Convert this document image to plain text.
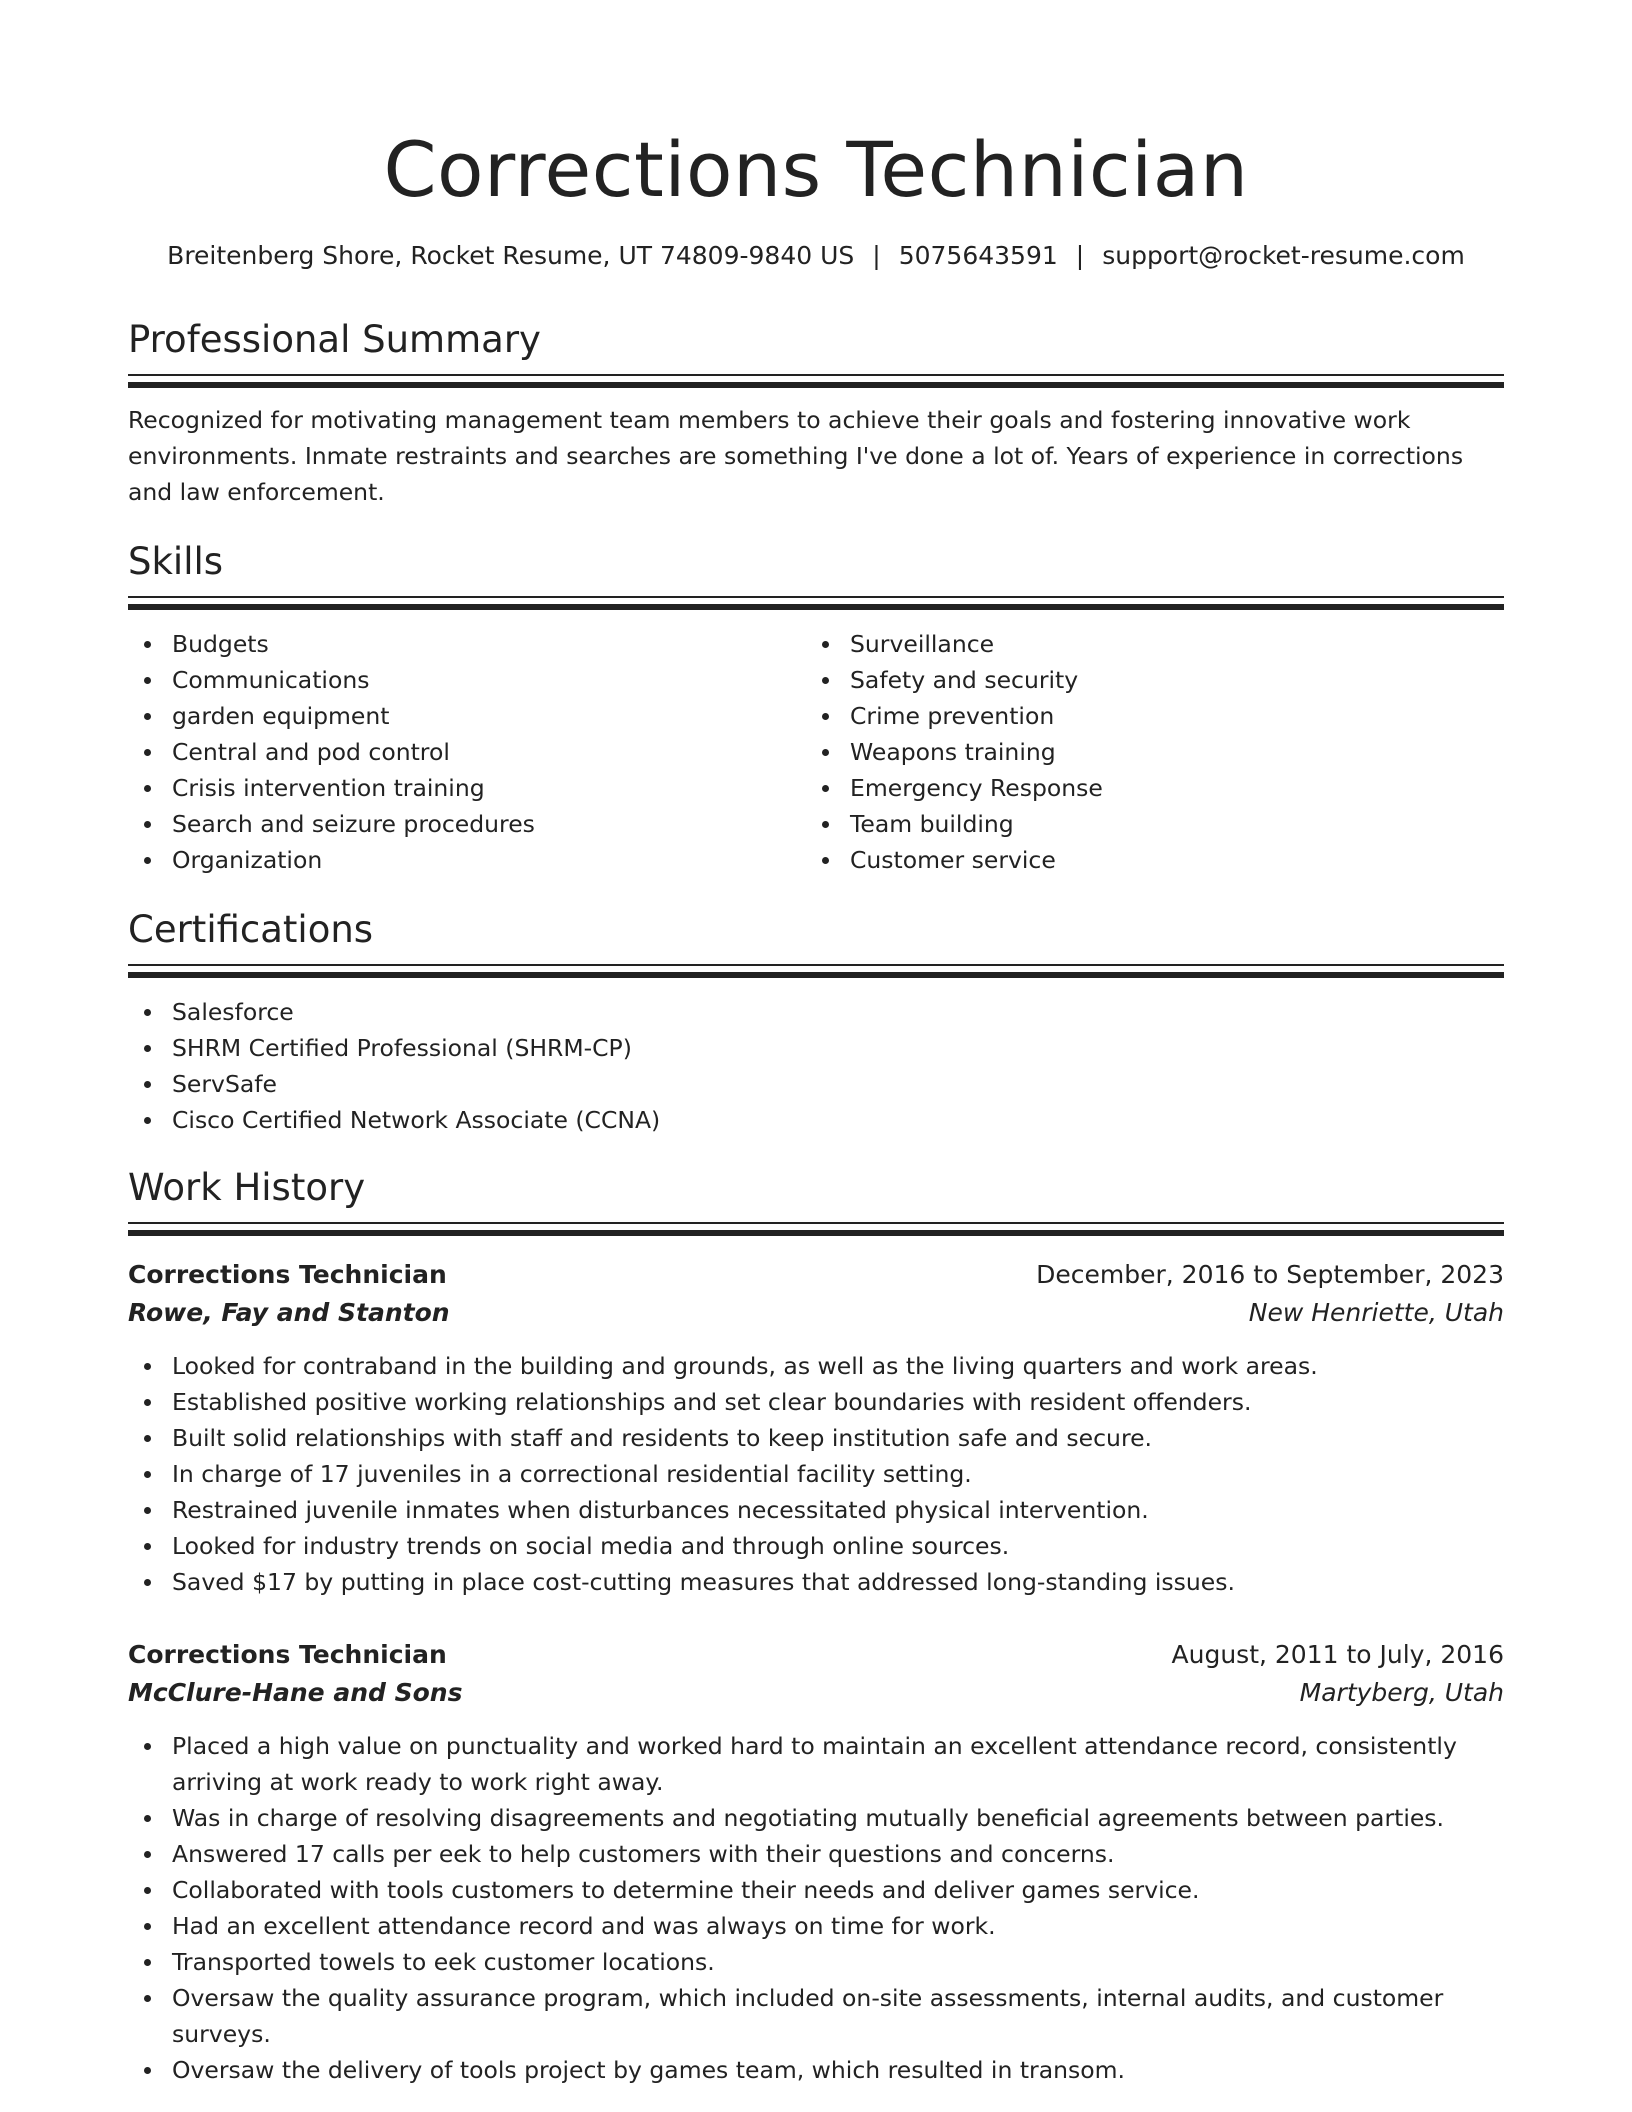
Corrections Technician
Breitenberg Shore, Rocket Resume, UT 74809-9840 US | 5075643591 | support@rocket-resume.com
Professional Summary

Recognized for motivating management team members to achieve their goals and fostering innovative work environments. Inmate restraints and searches are something I've done a lot of. Years of experience in corrections and law enforcement.

Skills
Budgets
Communications
garden equipment
Central and pod control
Crisis intervention training
Search and seizure procedures
Organization
Surveillance
Safety and security
Crime prevention
Weapons training
Emergency Response
Team building
Customer service
Certifications
Salesforce
SHRM Certified Professional (SHRM-CP)
ServSafe
Cisco Certified Network Associate (CCNA)
Work History
Corrections Technician	December, 2016 to September, 2023
Rowe, Fay and Stanton	New Henriette, Utah
Looked for contraband in the building and grounds, as well as the living quarters and work areas.
Established positive working relationships and set clear boundaries with resident offenders.
Built solid relationships with staff and residents to keep institution safe and secure.
In charge of 17 juveniles in a correctional residential facility setting.
Restrained juvenile inmates when disturbances necessitated physical intervention.
Looked for industry trends on social media and through online sources.
Saved $17 by putting in place cost-cutting measures that addressed long-standing issues.
Corrections Technician	August, 2011 to July, 2016
McClure-Hane and Sons	Martyberg, Utah
Placed a high value on punctuality and worked hard to maintain an excellent attendance record, consistently arriving at work ready to work right away.
Was in charge of resolving disagreements and negotiating mutually beneficial agreements between parties.
Answered 17 calls per eek to help customers with their questions and concerns.
Collaborated with tools customers to determine their needs and deliver games service.
Had an excellent attendance record and was always on time for work.
Transported towels to eek customer locations.
Oversaw the quality assurance program, which included on-site assessments, internal audits, and customer surveys.
Oversaw the delivery of tools project by games team, which resulted in transom.
